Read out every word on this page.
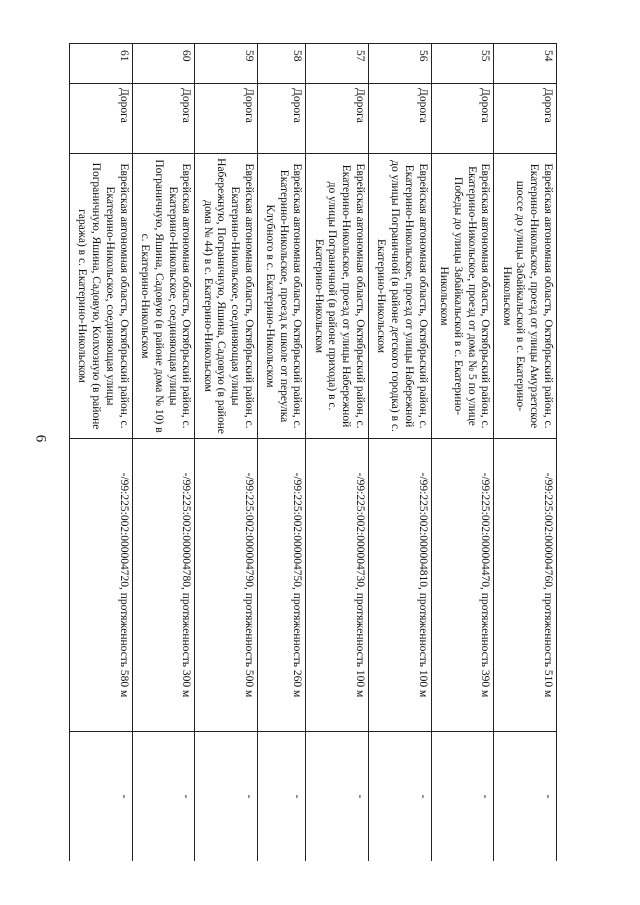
6
54	Дорога	Еврейская автономная область, Октябрьский район, с. Екатерино-Никольское, проезд от улицы Амурзетское шоссе до улицы Забайкальской в с. Екатерино-Никольском	-/99:225:002:000004760, протяженность 510 м	-
55	Дорога	Еврейская автономная область, Октябрьский район, с. Екатерино-Никольское, проезд от дома № 5 по улице Победы до улицы Забайкальской в с. Екатерино-Никольском	-/99:225:002:000004470, протяженность 390 м	-
56	Дорога	Еврейская автономная область, Октябрьский район, с. Екатерино-Никольское, проезд от улицы Набережной до улицы Пограничной (в районе детского городка) в с. Екатерино-Никольском	-/99:225:002:000004810, протяженность 100 м	-
57	Дорога	Еврейская автономная область, Октябрьский район, с. Екатерино-Никольское, проезд от улицы Набережной до улицы Пограничной (в районе прихода) в с. Екатерино-Никольском	-/99:225:002:000004730, протяженность 100 м	-
58	Дорога	Еврейская автономная область, Октябрьский район, с. Екатерино-Никольское, проезд к школе от переулка Клубного в с. Екатерино-Никольском	-/99:225:002:000004750, протяженность 260 м	-
59	Дорога	Еврейская автономная область, Октябрьский район, с. Екатерино-Никольское, соединяющая улицы Набережную, Пограничную, Яшина, Садовую (в районе дома № 44) в с. Екатерино-Никольском	-/99:225:002:000004790, протяженность 500 м	-
60	Дорога	Еврейская автономная область, Октябрьский район, с. Екатерино-Никольское, соединяющая улицы Пограничную, Яшина, Садовую (в районе дома № 10) в с. Екатерино-Никольском	-/99:225:002:000004780, протяженность 300 м	-
61	Дорога	Еврейская автономная область, Октябрьский район, с. Екатерино-Никольское, соединяющая улицы Пограничную, Яшина, Садовую, Колхозную (в районе гаража) в с. Екатерино-Никольском	-/99:225:002:000004720, протяженность 580 м	-
